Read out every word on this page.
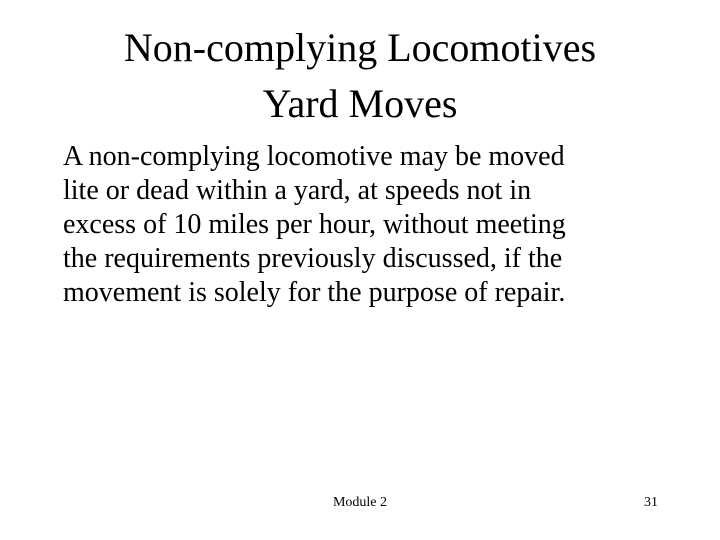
Non-complying Locomotives
Yard Moves

A non-complying locomotive may be moved
lite or dead within a yard, at speeds not in
excess of 10 miles per hour, without meeting
the requirements previously discussed, if the
movement is solely for the purpose of repair.

Module 2	31
